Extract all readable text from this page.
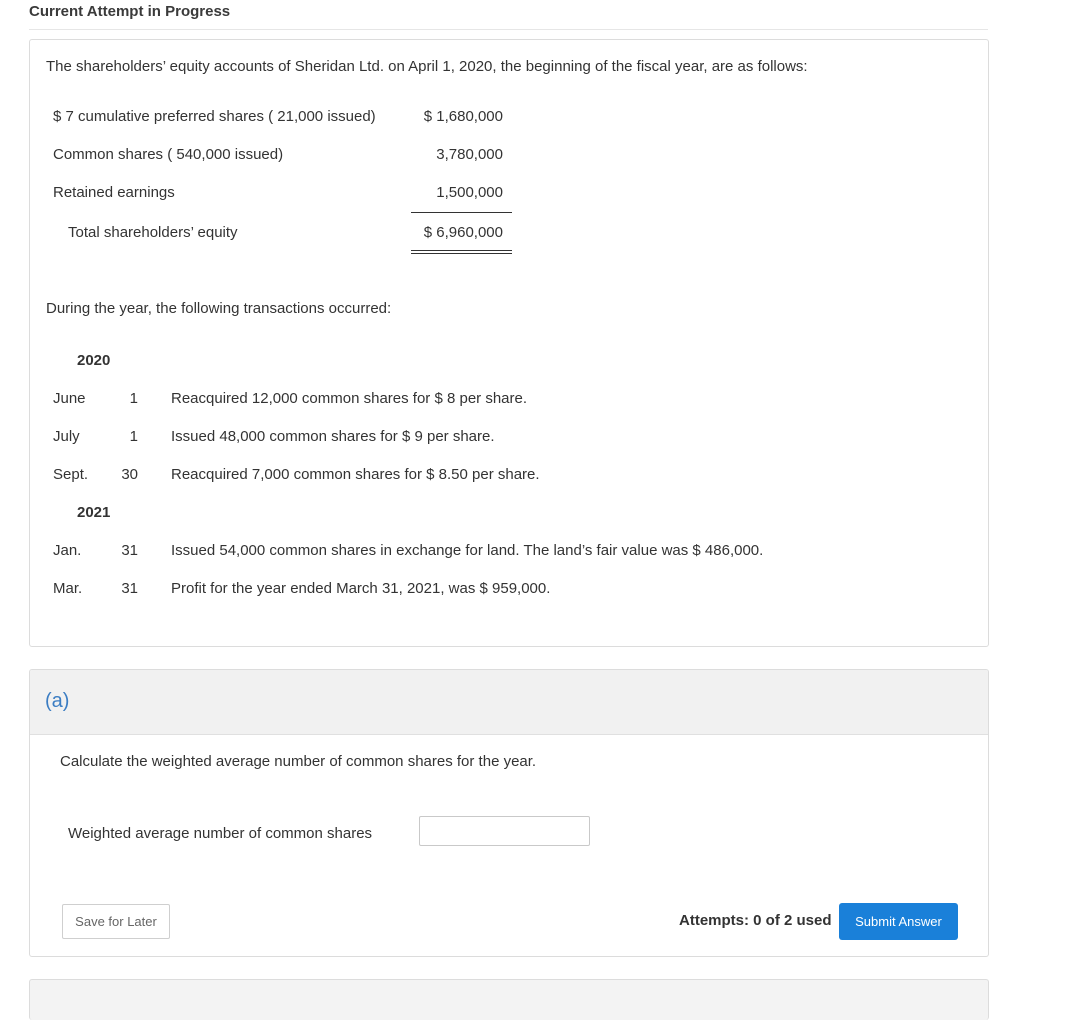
Current Attempt in Progress
The shareholders’ equity accounts of Sheridan Ltd. on April 1, 2020, the beginning of the fiscal year, are as follows:
$ 7 cumulative preferred shares ( 21,000 issued)	$ 1,680,000
Common shares ( 540,000 issued)	3,780,000
Retained earnings	1,500,000
Total shareholders’ equity	$ 6,960,000
During the year, the following transactions occurred:
2020
June	1 Reacquired 12,000 common shares for $ 8 per share.
July	1 Issued 48,000 common shares for $ 9 per share.
Sept.	30 Reacquired 7,000 common shares for $ 8.50 per share.
2021
Jan.	31 Issued 54,000 common shares in exchange for land. The land’s fair value was $ 486,000.
Mar.	31 Profit for the year ended March 31, 2021, was $ 959,000.
(a)
Calculate the weighted average number of common shares for the year.
Weighted average number of common shares
Save for Later	Attempts: 0 of 2 used	Submit Answer
